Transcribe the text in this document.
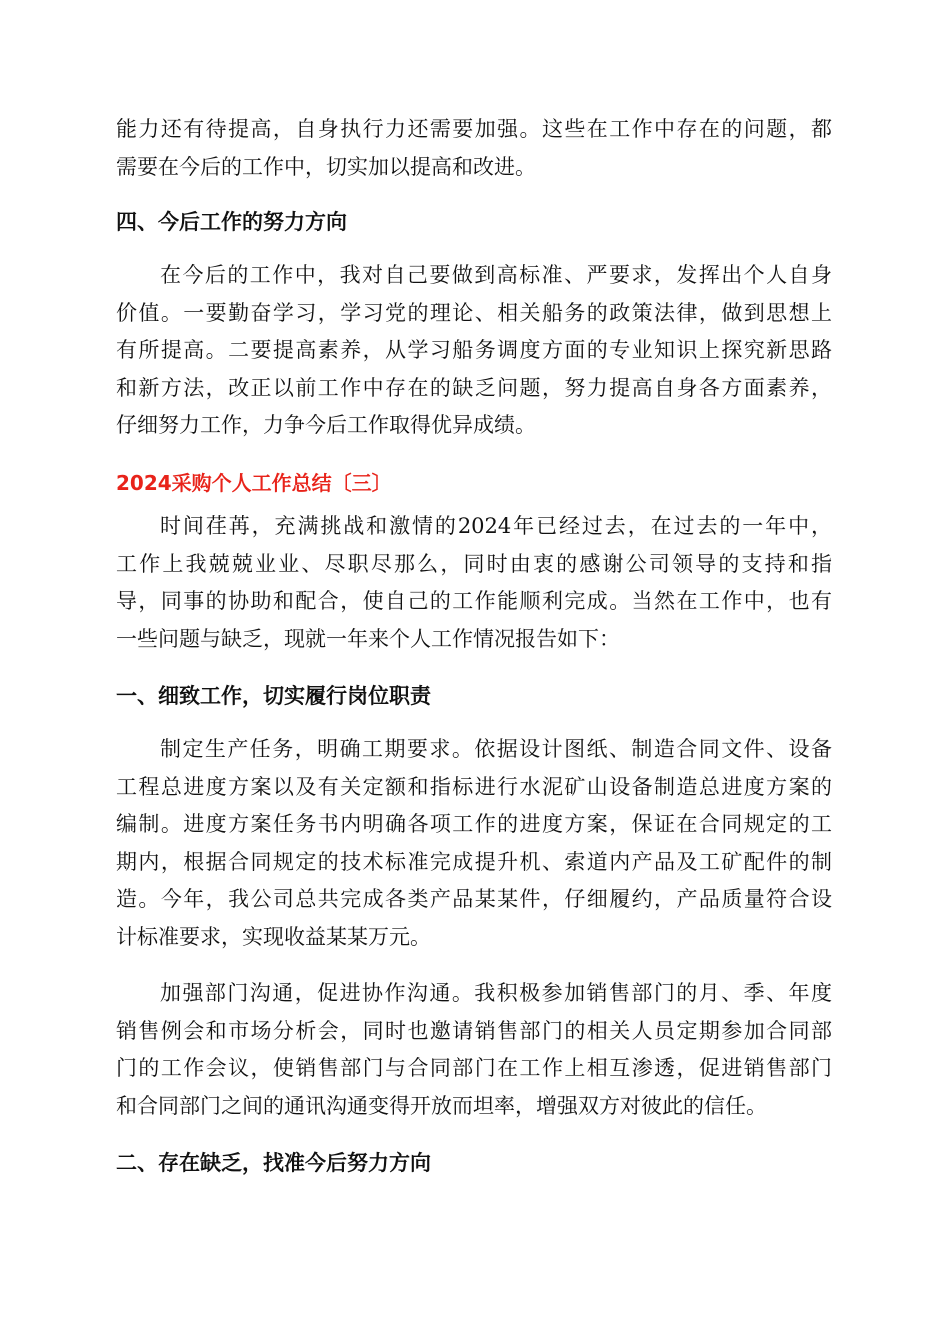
能力还有待提高，自身执行力还需要加强。这些在工作中存在的问题，都

需要在今后的工作中，切实加以提高和改进。

四、今后工作的努力方向

在今后的工作中，我对自己要做到高标准、严要求，发挥出个人自身

价值。一要勤奋学习，学习党的理论、相关船务的政策法律，做到思想上

有所提高。二要提高素养，从学习船务调度方面的专业知识上探究新思路

和新方法，改正以前工作中存在的缺乏问题，努力提高自身各方面素养，

仔细努力工作，力争今后工作取得优异成绩。

2024采购个人工作总结〔三〕

时间荏苒，充满挑战和激情的2024年已经过去，在过去的一年中，

工作上我兢兢业业、尽职尽那么，同时由衷的感谢公司领导的支持和指

导，同事的协助和配合，使自己的工作能顺利完成。当然在工作中，也有

一些问题与缺乏，现就一年来个人工作情况报告如下：

一、细致工作，切实履行岗位职责

制定生产任务，明确工期要求。依据设计图纸、制造合同文件、设备

工程总进度方案以及有关定额和指标进行水泥矿山设备制造总进度方案的

编制。进度方案任务书内明确各项工作的进度方案，保证在合同规定的工

期内，根据合同规定的技术标准完成提升机、索道内产品及工矿配件的制

造。今年，我公司总共完成各类产品某某件，仔细履约，产品质量符合设

计标准要求，实现收益某某万元。

加强部门沟通，促进协作沟通。我积极参加销售部门的月、季、年度

销售例会和市场分析会，同时也邀请销售部门的相关人员定期参加合同部

门的工作会议，使销售部门与合同部门在工作上相互渗透，促进销售部门

和合同部门之间的通讯沟通变得开放而坦率，增强双方对彼此的信任。

二、存在缺乏，找准今后努力方向
